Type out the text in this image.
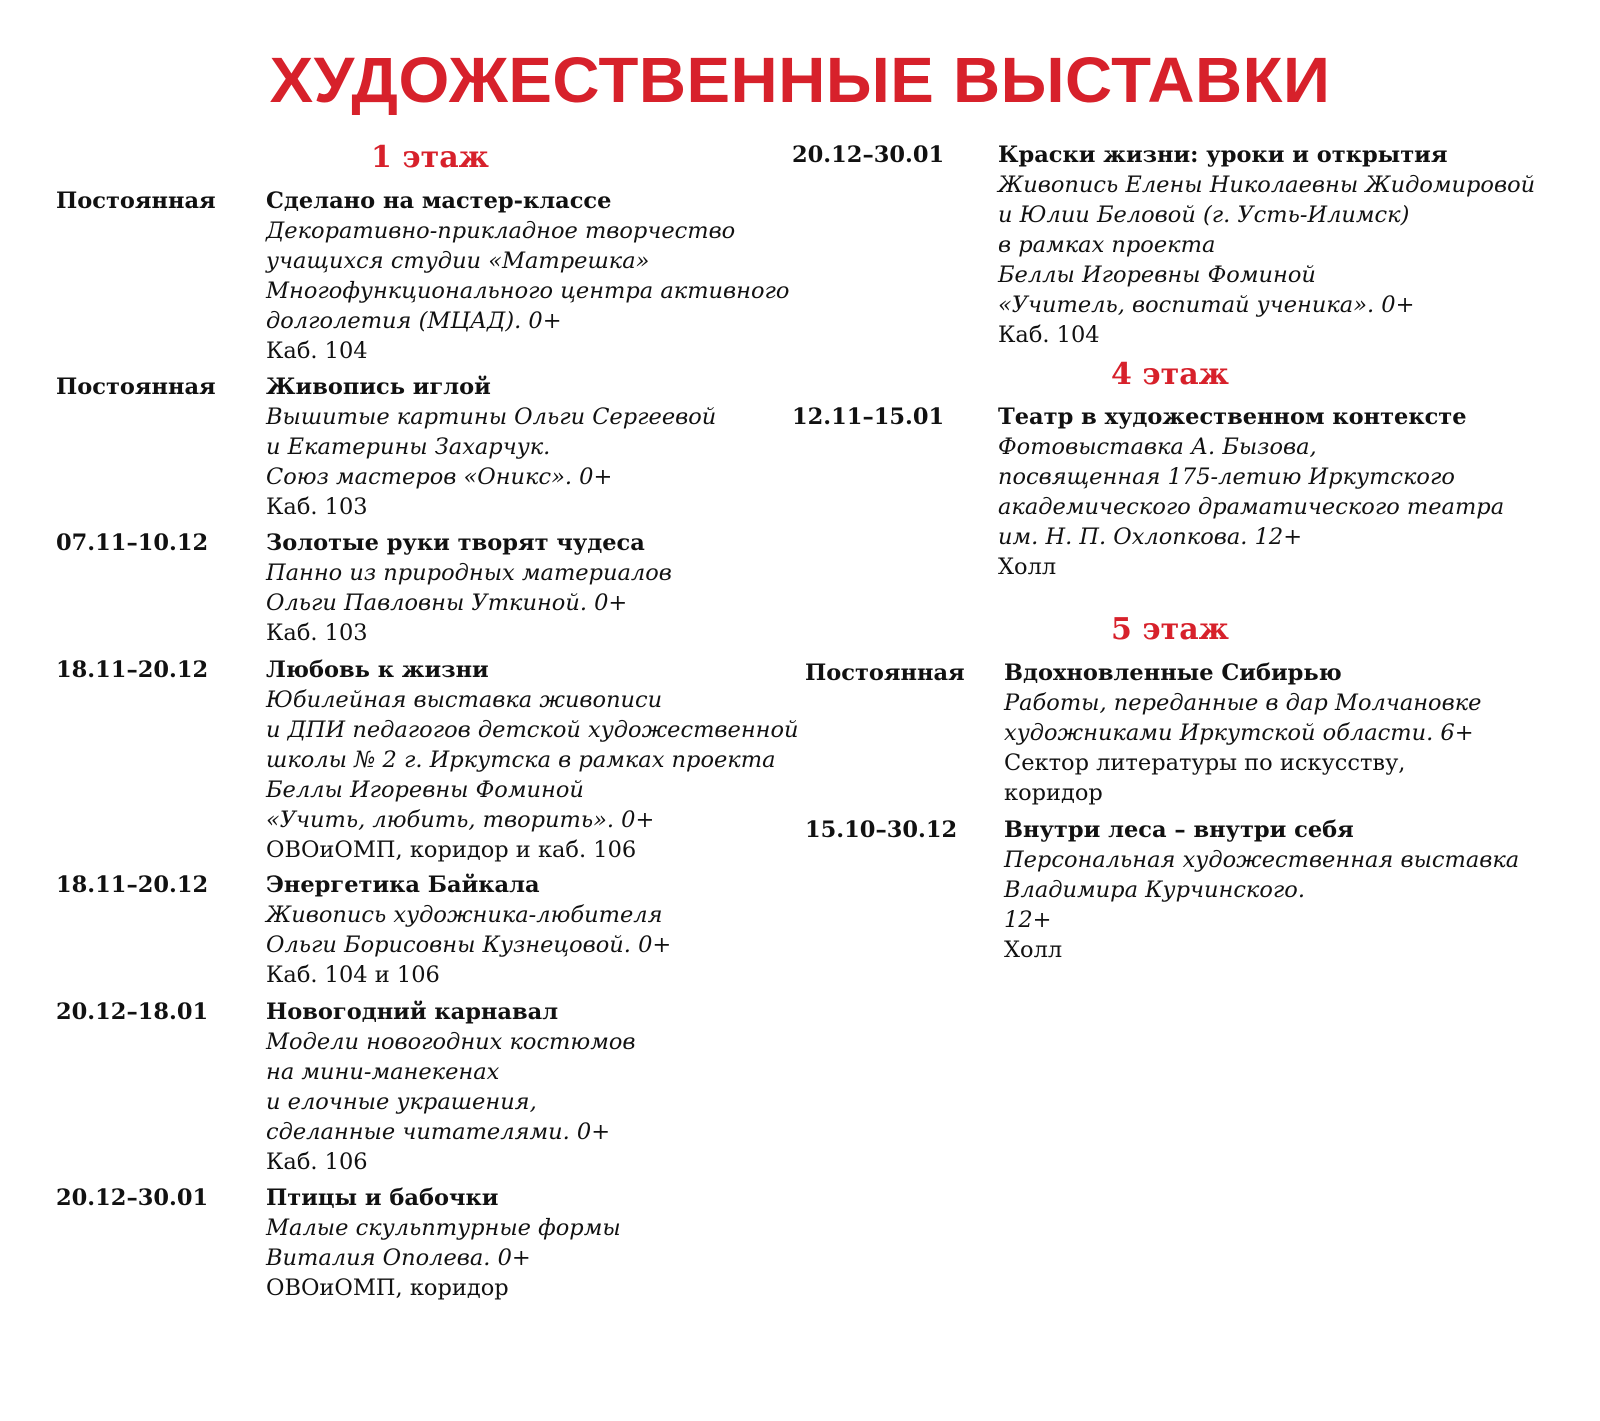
ХУДОЖЕСТВЕННЫЕ ВЫСТАВКИ
1 этаж
Постоянная	Сделано на мастер-классе
Декоративно-прикладное творчество
учащихся студии «Матрешка»
Многофункционального центра активного
долголетия (МЦАД). 0+
Каб. 104
Постоянная	Живопись иглой
Вышитые картины Ольги Сергеевой
и Екатерины Захарчук.
Союз мастеров «Оникс». 0+
Каб. 103
07.11–10.12	Золотые руки творят чудеса
Панно из природных материалов
Ольги Павловны Уткиной. 0+
Каб. 103
18.11–20.12	Любовь к жизни
Юбилейная выставка живописи
и ДПИ педагогов детской художественной
школы № 2 г. Иркутска в рамках проекта
Беллы Игоревны Фоминой
«Учить, любить, творить». 0+
ОВОиОМП, коридор и каб. 106
18.11–20.12	Энергетика Байкала
Живопись художника-любителя
Ольги Борисовны Кузнецовой. 0+
Каб. 104 и 106
20.12–18.01	Новогодний карнавал
Модели новогодних костюмов
на мини-манекенах
и елочные украшения,
сделанные читателями. 0+
Каб. 106
20.12–30.01	Птицы и бабочки
Малые скульптурные формы
Виталия Ополева. 0+
ОВОиОМП, коридор
20.12–30.01	Краски жизни: уроки и открытия
Живопись Елены Николаевны Жидомировой
и Юлии Беловой (г. Усть-Илимск)
в рамках проекта
Беллы Игоревны Фоминой
«Учитель, воспитай ученика». 0+
Каб. 104
12.11–15.01	Театр в художественном контексте
Фотовыставка А. Бызова,
посвященная 175-летию Иркутского
академического драматического театра
им. Н. П. Охлопкова. 12+
Холл
Постоянная	Вдохновленные Сибирью
Работы, переданные в дар Молчановке
художниками Иркутской области. 6+
Сектор литературы по искусству,
коридор
15.10–30.12	Внутри леса – внутри себя
Персональная художественная выставка
Владимира Курчинского.
12+
Холл
4 этаж
5 этаж
